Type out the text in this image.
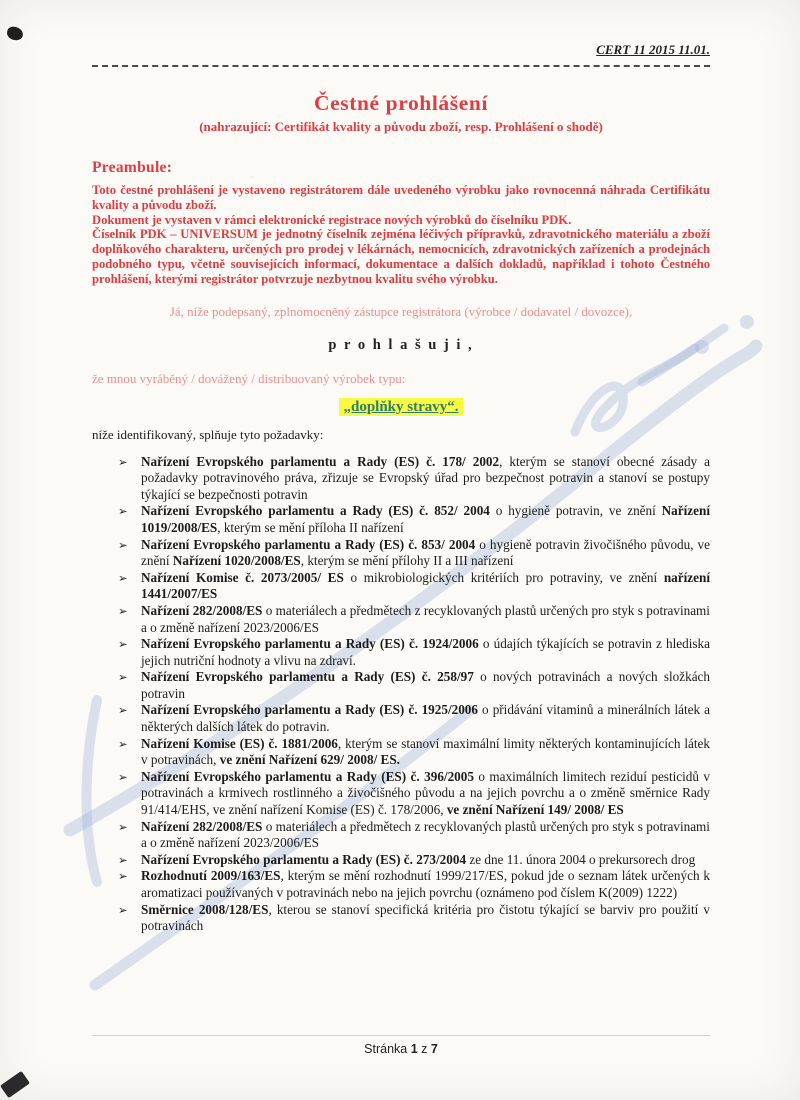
CERT 11 2015 11.01.
Čestné prohlášení
(nahrazující: Certifikát kvality a původu zboží, resp. Prohlášení o shodě)
Preambule:

Toto čestné prohlášení je vystaveno registrátorem dále uvedeného výrobku jako rovnocenná náhrada Certifikátu kvality a původu zboží.

Dokument je vystaven v rámci elektronické registrace nových výrobků do číselníku PDK.

Číselník PDK – UNIVERSUM je jednotný číselník zejména léčivých přípravků, zdravotnického materiálu a zboží doplňkového charakteru, určených pro prodej v lékárnách, nemocnicích, zdravotnických zařízeních a prodejnách podobného typu, včetně souvisejících informací, dokumentace a dalších dokladů, například i tohoto Čestného prohlášení, kterými registrátor potvrzuje nezbytnou kvalitu svého výrobku.

Já, níže podepsaný, zplnomocněný zástupce registrátora (výrobce / dodavatel / dovozce),

p r o h l a š u j i ,

že mnou vyráběný / dovážený / distribuovaný výrobek typu:

„doplňky stravy“.

níže identifikovaný, splňuje tyto požadavky:

➢ Nařízení Evropského parlamentu a Rady (ES) č. 178/ 2002, kterým se stanoví obecné zásady a požadavky potravinového práva, zřizuje se Evropský úřad pro bezpečnost potravin a stanoví se postupy týkající se bezpečnosti potravin
➢ Nařízení Evropského parlamentu a Rady (ES) č. 852/ 2004 o hygieně potravin, ve znění Nařízení 1019/2008/ES, kterým se mění příloha II nařízení
➢ Nařízení Evropského parlamentu a Rady (ES) č. 853/ 2004 o hygieně potravin živočišného původu, ve znění Nařízení 1020/2008/ES, kterým se mění přílohy II a III nařízení
➢ Nařízení Komise č. 2073/2005/ ES o mikrobiologických kritériích pro potraviny, ve znění nařízení 1441/2007/ES
➢ Nařízení 282/2008/ES o materiálech a předmětech z recyklovaných plastů určených pro styk s potravinami a o změně nařízení 2023/2006/ES
➢ Nařízení Evropského parlamentu a Rady (ES) č. 1924/2006 o údajích týkajících se potravin z hlediska jejich nutriční hodnoty a vlivu na zdraví.
➢ Nařízení Evropského parlamentu a Rady (ES) č. 258/97 o nových potravinách a nových složkách potravin
➢ Nařízení Evropského parlamentu a Rady (ES) č. 1925/2006 o přidávání vitaminů a minerálních látek a některých dalších látek do potravin.
➢ Nařízení Komise (ES) č. 1881/2006, kterým se stanoví maximální limity některých kontaminujících látek v potravinách, ve znění Nařízení 629/ 2008/ ES.
➢ Nařízení Evropského parlamentu a Rady (ES) č. 396/2005 o maximálních limitech reziduí pesticidů v potravinách a krmivech rostlinného a živočišného původu a na jejich povrchu a o změně směrnice Rady 91/414/EHS, ve znění nařízení Komise (ES) č. 178/2006, ve znění Nařízení 149/ 2008/ ES
➢ Nařízení 282/2008/ES o materiálech a předmětech z recyklovaných plastů určených pro styk s potravinami a o změně nařízení 2023/2006/ES
➢ Nařízení Evropského parlamentu a Rady (ES) č. 273/2004 ze dne 11. února 2004 o prekursorech drog
➢ Rozhodnutí 2009/163/ES, kterým se mění rozhodnutí 1999/217/ES, pokud jde o seznam látek určených k aromatizaci používaných v potravinách nebo na jejich povrchu (oznámeno pod číslem K(2009) 1222)
➢ Směrnice 2008/128/ES, kterou se stanoví specifická kritéria pro čistotu týkající se barviv pro použití v potravinách
Stránka 1 z 7
